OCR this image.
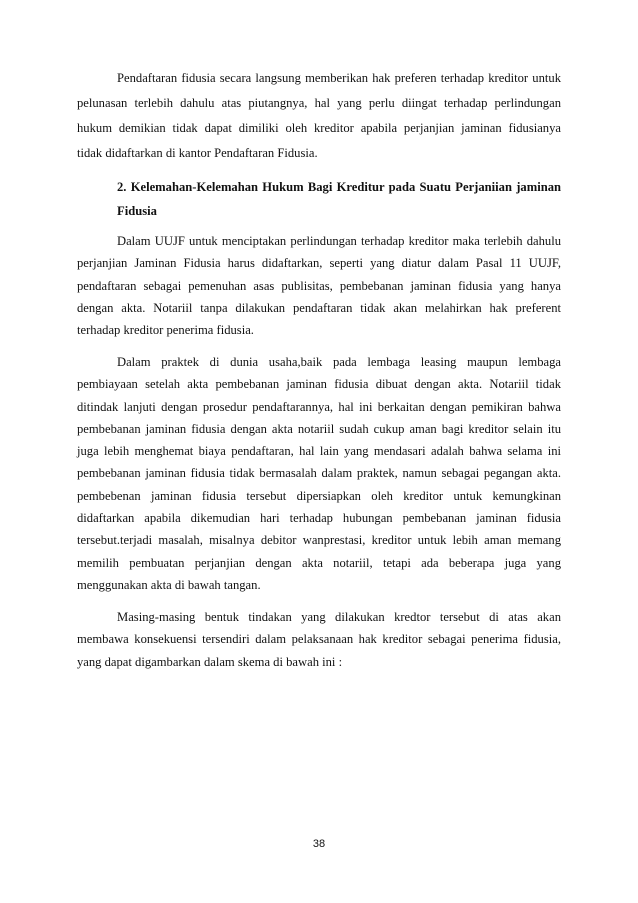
Pendaftaran fidusia secara langsung memberikan hak preferen terhadap kreditor untuk
pelunasan terlebih dahulu atas piutangnya, hal yang perlu diingat terhadap perlindungan
hukum demikian tidak dapat dimiliki oleh kreditor apabila perjanjian jaminan fidusianya
tidak didaftarkan di kantor Pendaftaran Fidusia.
2. Kelemahan-Kelemahan Hukum Bagi Kreditur pada Suatu Perjaniian jaminan
Fidusia
Dalam UUJF untuk menciptakan perlindungan terhadap kreditor maka terlebih dahulu
perjanjian Jaminan Fidusia harus didaftarkan, seperti yang diatur dalam Pasal 11 UUJF,
pendaftaran sebagai pemenuhan asas publisitas, pembebanan jaminan fidusia yang hanya
dengan akta. Notariil tanpa dilakukan pendaftaran tidak akan melahirkan hak preferent
terhadap kreditor penerima fidusia.
Dalam praktek di dunia usaha,baik pada lembaga leasing maupun lembaga
pembiayaan setelah akta pembebanan jaminan fidusia dibuat dengan akta. Notariil tidak
ditindak lanjuti dengan prosedur pendaftarannya, hal ini berkaitan dengan pemikiran bahwa
pembebanan jaminan fidusia dengan akta notariil sudah cukup aman bagi kreditor selain itu
juga lebih menghemat biaya pendaftaran, hal lain yang mendasari adalah bahwa selama ini
pembebanan jaminan fidusia tidak bermasalah dalam praktek, namun sebagai pegangan akta.
pembebenan jaminan fidusia tersebut dipersiapkan oleh kreditor untuk kemungkinan
didaftarkan apabila dikemudian hari terhadap hubungan pembebanan jaminan fidusia
tersebut.terjadi masalah, misalnya debitor wanprestasi, kreditor untuk lebih aman memang
memilih pembuatan perjanjian dengan akta notariil, tetapi ada beberapa juga yang
menggunakan akta di bawah tangan.
Masing-masing bentuk tindakan yang dilakukan kredtor tersebut di atas akan
membawa konsekuensi tersendiri dalam pelaksanaan hak kreditor sebagai penerima fidusia,
yang dapat digambarkan dalam skema di bawah ini :
38
